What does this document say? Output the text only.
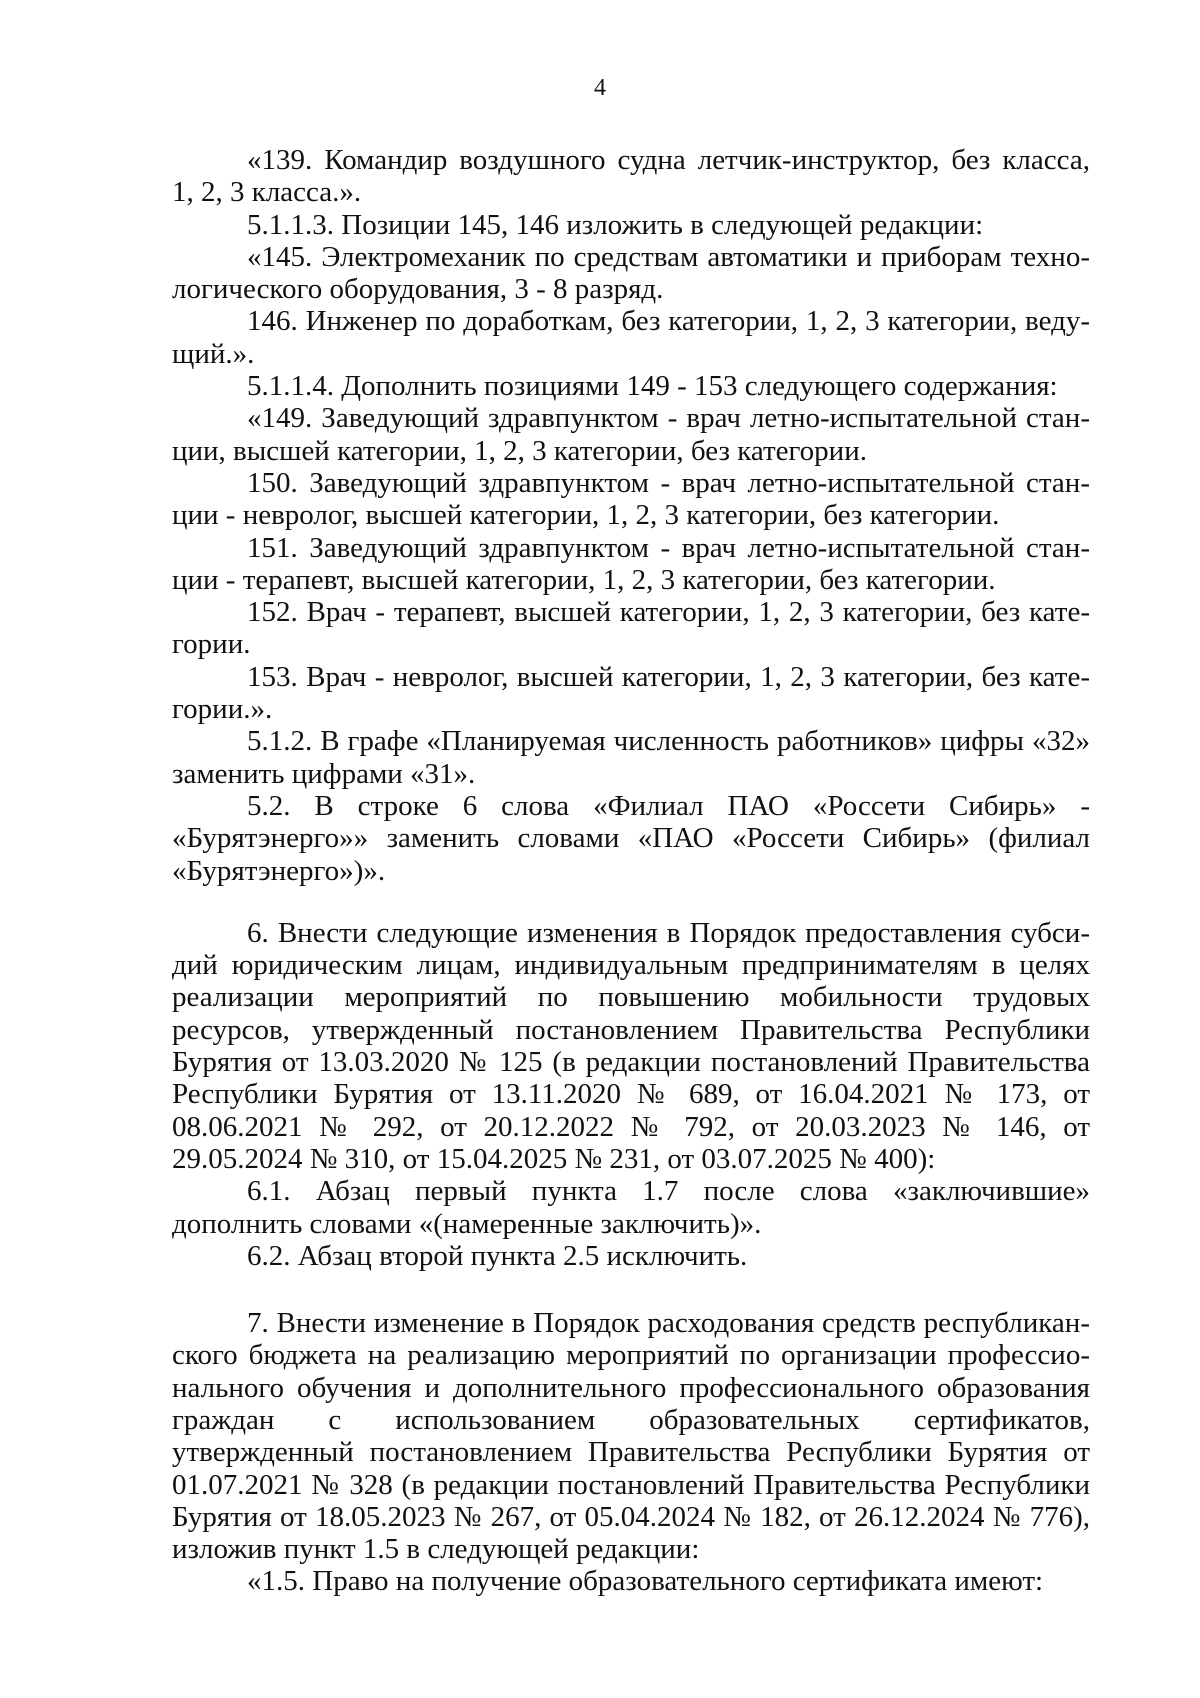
4

«139. Командир воздушного судна летчик-инструктор, без класса, 1, 2, 3 класса.».

5.1.1.3. Позиции 145, 146 изложить в следующей редакции:

«145. Электромеханик по средствам автоматики и приборам технологического оборудования, 3 - 8 разряд.

146. Инженер по доработкам, без категории, 1, 2, 3 категории, ведущий.».

5.1.1.4. Дополнить позициями 149 - 153 следующего содержания:

«149. Заведующий здравпунктом - врач летно-испытательной станции, высшей категории, 1, 2, 3 категории, без категории.

150. Заведующий здравпунктом - врач летно-испытательной станции - невролог, высшей категории, 1, 2, 3 категории, без категории.

151. Заведующий здравпунктом - врач летно-испытательной станции - терапевт, высшей категории, 1, 2, 3 категории, без категории.

152. Врач - терапевт, высшей категории, 1, 2, 3 категории, без категории.

153. Врач - невролог, высшей категории, 1, 2, 3 категории, без категории.».

5.1.2. В графе «Планируемая численность работников» цифры «32» заменить цифрами «31».

5.2. В строке 6 слова «Филиал ПАО «Россети Сибирь» - «Бурятэнерго»» заменить словами «ПАО «Россети Сибирь» (филиал «Бурятэнерго»)».

6. Внести следующие изменения в Порядок предоставления субсидий юридическим лицам, индивидуальным предпринимателям в целях реализации мероприятий по повышению мобильности трудовых ресурсов, утвержденный постановлением Правительства Республики Бурятия от 13.03.2020 № 125 (в редакции постановлений Правительства Республики Бурятия от 13.11.2020 № 689, от 16.04.2021 № 173, от 08.06.2021 № 292, от 20.12.2022 № 792, от 20.03.2023 № 146, от 29.05.2024 № 310, от 15.04.2025 № 231, от 03.07.2025 № 400):

6.1. Абзац первый пункта 1.7 после слова «заключившие» дополнить словами «(намеренные заключить)».

6.2. Абзац второй пункта 2.5 исключить.

7. Внести изменение в Порядок расходования средств республиканского бюджета на реализацию мероприятий по организации профессионального обучения и дополнительного профессионального образования граждан с использованием образовательных сертификатов, утвержденный постановлением Правительства Республики Бурятия от 01.07.2021 № 328 (в редакции постановлений Правительства Республики Бурятия от 18.05.2023 № 267, от 05.04.2024 № 182, от 26.12.2024 № 776), изложив пункт 1.5 в следующей редакции:

«1.5. Право на получение образовательного сертификата имеют:
